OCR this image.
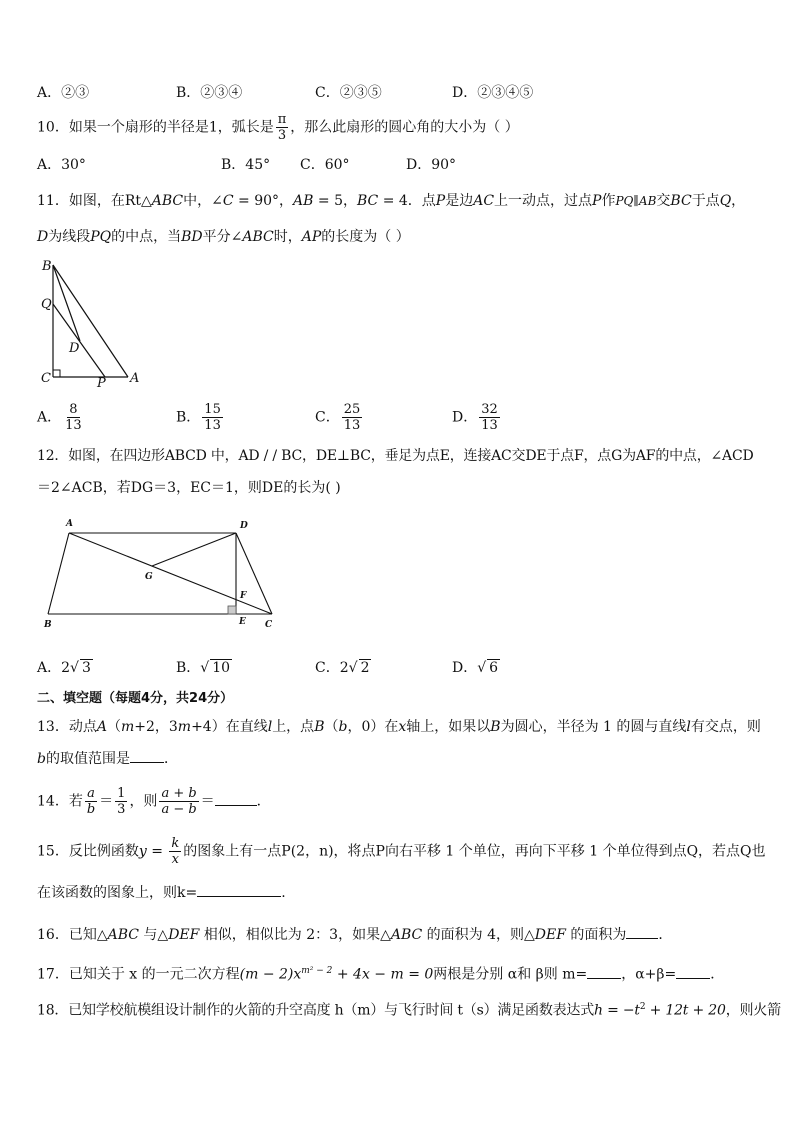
A．②③	B．②③④	C．②③⑤	D．②③④⑤
10．如果一个扇形的半径是1，弧长是 $\frac{\pi}{3}$ ，那么此扇形的圆心角的大小为（ ）
A．30°	B．45° C．60°	D．90°
11．如图，在Rt△ABC中，∠C = 90°，AB = 5，BC = 4．点P是边AC上一动点，过点P作PQ∥AB交BC于点Q，
D为线段PQ的中点，当BD平分∠ABC时，AP的长度为（ ）
B
Q
D
C	P A
A． $\frac{8}{13}$	B． $\frac{15}{13}$	C． $\frac{25}{13}$	D． $\frac{32}{13}$
12．如图，在四边形ABCD 中，AD / / BC，DE⊥BC，垂足为点E，连接AC交DE于点F，点G为AF的中点，∠ACD
＝2∠ACB，若DG＝3，EC＝1，则DE的长为( )
A	D
G
F
B	E C
A．2√ 3	B．√ 10	C．2√ 2	D．√ 6
二、填空题（每题4分，共24分）
13．动点A（m+2，3m+4）在直线l上，点B（b，0）在x轴上，如果以B为圆心，半径为 1 的圆与直线l有交点，则
b的取值范围是 ．
14．若 $\frac{a}{b} = \frac{1}{3}$ ，则 $\frac{a + b}{a - b}$ ＝	．
15．反比例函数$y = \frac{k}{x}$ 的图象上有一点P(2，n)，将点P向右平移 1 个单位，再向下平移 1 个单位得到点Q，若点Q也
在该函数的图象上，则k=	.
16．已知△ABC 与△DEF 相似，相似比为 2：3，如果△ABC 的面积为 4，则△DEF 的面积为 ．
17．已知关于 x 的一元二次方程$(m - 2)x^{m^2 - 2} + 4x - m = 0$两根是分别 α和 β则 m= ，α+β= ．
18．已知学校航模组设计制作的火箭的升空高度 h（m）与飞行时间 t（s）满足函数表达式$h = -t^2 + 12t + 20$，则火箭
